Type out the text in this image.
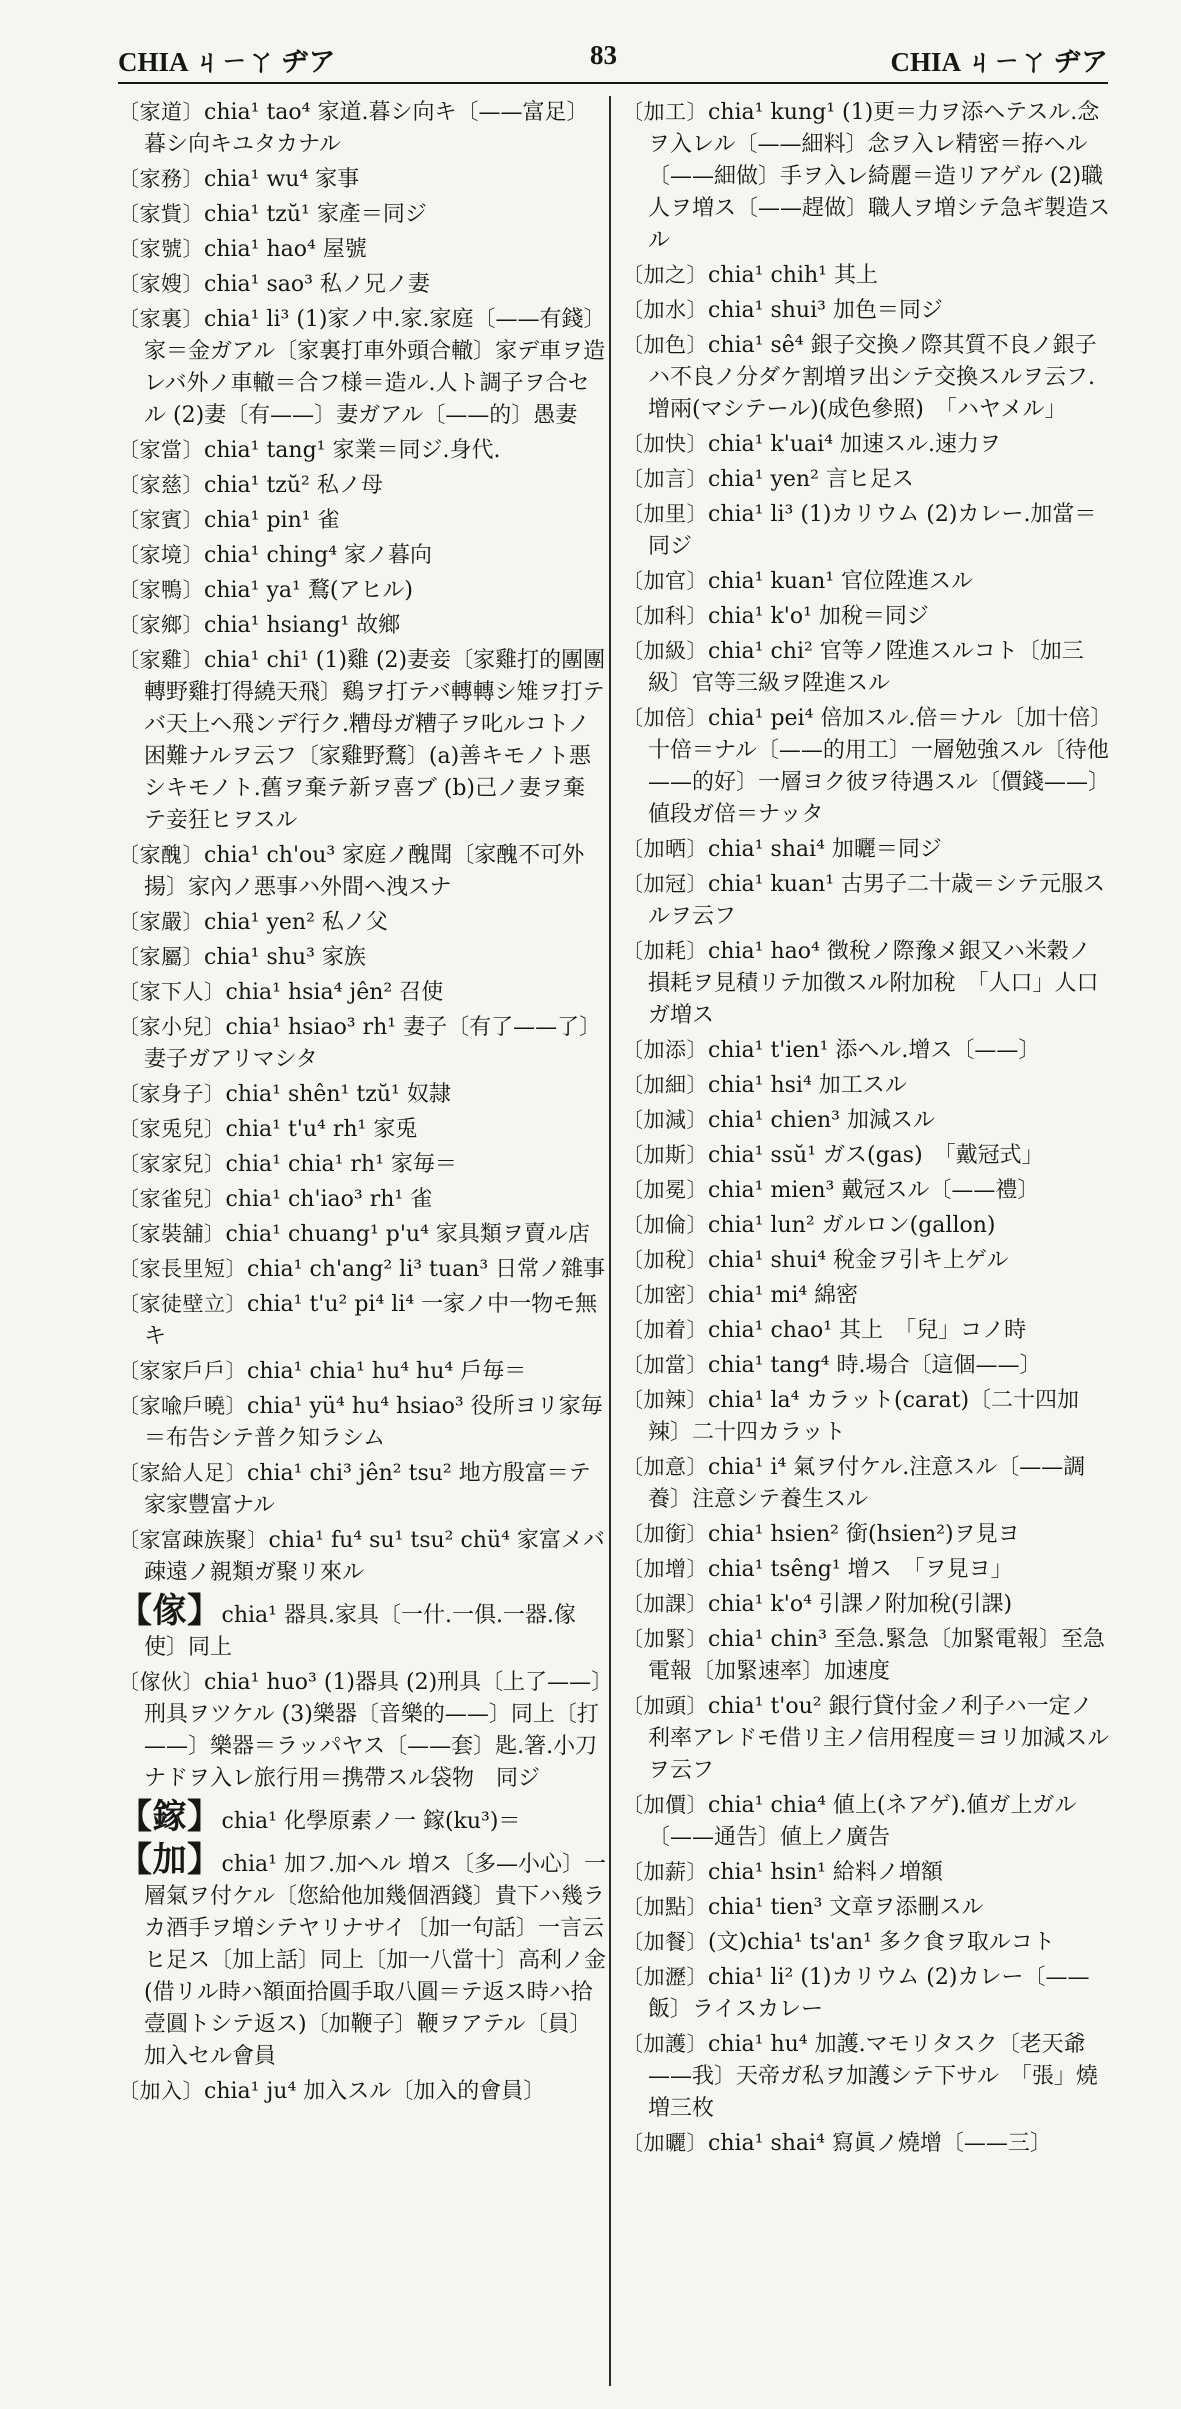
CHIA ㄐㄧㄚ ヂア	83	CHIA ㄐㄧㄚ ヂア
〔家道〕chia¹ tao⁴ 家道.暮シ向キ〔——富足〕暮シ向キユタカナル
〔家務〕chia¹ wu⁴ 家事
〔家貲〕chia¹ tzŭ¹ 家產＝同ジ
〔家號〕chia¹ hao⁴ 屋號
〔家嫂〕chia¹ sao³ 私ノ兄ノ妻
〔家裏〕chia¹ li³ (1)家ノ中.家.家庭〔——有錢〕家＝金ガアル〔家裏打車外頭合轍〕家デ車ヲ造レバ外ノ車轍＝合フ様＝造ル.人ト調子ヲ合セル (2)妻〔有——〕妻ガアル〔——的〕愚妻
〔家當〕chia¹ tang¹ 家業＝同ジ.身代.
〔家慈〕chia¹ tzŭ² 私ノ母
〔家賓〕chia¹ pin¹ 雀
〔家境〕chia¹ ching⁴ 家ノ暮向
〔家鴨〕chia¹ ya¹ 鶩(アヒル)
〔家鄉〕chia¹ hsiang¹ 故鄉
〔家雞〕chia¹ chi¹ (1)雞 (2)妻妾〔家雞打的團團轉野雞打得繞天飛〕鷄ヲ打テバ轉轉シ雉ヲ打テバ天上ヘ飛ンデ行ク.糟母ガ糟子ヲ叱ルコトノ困難ナルヲ云フ〔家雞野鶩〕(a)善キモノト悪シキモノト.舊ヲ棄テ新ヲ喜ブ (b)己ノ妻ヲ棄テ妾狂ヒヲスル
〔家醜〕chia¹ ch'ou³ 家庭ノ醜聞〔家醜不可外揚〕家內ノ悪事ハ外間ヘ洩スナ
〔家嚴〕chia¹ yen² 私ノ父
〔家屬〕chia¹ shu³ 家族
〔家下人〕chia¹ hsia⁴ jên² 召使
〔家小兒〕chia¹ hsiao³ rh¹ 妻子〔有了——了〕妻子ガアリマシタ
〔家身子〕chia¹ shên¹ tzŭ¹ 奴隷
〔家兎兒〕chia¹ t'u⁴ rh¹ 家兎
〔家家兒〕chia¹ chia¹ rh¹ 家毎＝
〔家雀兒〕chia¹ ch'iao³ rh¹ 雀
〔家裝舖〕chia¹ chuang¹ p'u⁴ 家具類ヲ賣ル店
〔家長里短〕chia¹ ch'ang² li³ tuan³ 日常ノ雜事
〔家徒壁立〕chia¹ t'u² pi⁴ li⁴ 一家ノ中一物モ無キ
〔家家戶戶〕chia¹ chia¹ hu⁴ hu⁴ 戶毎＝
〔家喩戶曉〕chia¹ yü⁴ hu⁴ hsiao³ 役所ヨリ家毎＝布告シテ普ク知ラシム
〔家給人足〕chia¹ chi³ jên² tsu² 地方殷富＝テ家家豐富ナル
〔家富疎族聚〕chia¹ fu⁴ su¹ tsu² chü⁴ 家富メバ疎遠ノ親類ガ聚リ來ル
【傢】chia¹ 器具.家具〔一什.一俱.一器.傢使〕同上
〔傢伙〕chia¹ huo³ (1)器具 (2)刑具〔上了——〕刑具ヲツケル (3)樂器〔音樂的——〕同上〔打——〕樂器＝ラッパヤス〔——套〕匙.箸.小刀ナドヲ入レ旅行用＝携帶スル袋物　同ジ
【鎵】chia¹ 化學原素ノ一 鎵(ku³)＝
【加】chia¹ 加フ.加ヘル 増ス〔多—小心〕一層氣ヲ付ケル〔您給他加幾個酒錢〕貴下ハ幾ラカ酒手ヲ増シテヤリナサイ〔加一句話〕一言云ヒ足ス〔加上話〕同上〔加一八當十〕高利ノ金(借リル時ハ額面拾圓手取八圓＝テ返ス時ハ拾壹圓トシテ返ス)〔加鞭子〕鞭ヲアテル〔員〕加入セル會員
〔加入〕chia¹ ju⁴ 加入スル〔加入的會員〕
〔加工〕chia¹ kung¹ (1)更＝力ヲ添ヘテスル.念ヲ入レル〔——細料〕念ヲ入レ精密＝拵ヘル〔——細做〕手ヲ入レ綺麗＝造リアゲル (2)職人ヲ増ス〔——趕做〕職人ヲ増シテ急ギ製造スル
〔加之〕chia¹ chih¹ 其上
〔加水〕chia¹ shui³ 加色＝同ジ
〔加色〕chia¹ sê⁴ 銀子交換ノ際其質不良ノ銀子ハ不良ノ分ダケ割増ヲ出シテ交換スルヲ云フ.增兩(マシテール)(成色參照)　「ハヤメル」
〔加快〕chia¹ k'uai⁴ 加速スル.速力ヲ
〔加言〕chia¹ yen² 言ヒ足ス
〔加里〕chia¹ li³ (1)カリウム (2)カレー.加當＝同ジ
〔加官〕chia¹ kuan¹ 官位陞進スル
〔加科〕chia¹ k'o¹ 加稅＝同ジ
〔加級〕chia¹ chi² 官等ノ陞進スルコト〔加三級〕官等三級ヲ陞進スル
〔加倍〕chia¹ pei⁴ 倍加スル.倍＝ナル〔加十倍〕十倍＝ナル〔——的用工〕一層勉強スル〔待他——的好〕一層ヨク彼ヲ待遇スル〔價錢——〕値段ガ倍＝ナッタ
〔加晒〕chia¹ shai⁴ 加曬＝同ジ
〔加冠〕chia¹ kuan¹ 古男子二十歳＝シテ元服スルヲ云フ
〔加耗〕chia¹ hao⁴ 徴稅ノ際豫メ銀又ハ米穀ノ損耗ヲ見積リテ加徴スル附加稅　「人口」人口ガ増ス
〔加添〕chia¹ t'ien¹ 添ヘル.增ス〔——〕
〔加細〕chia¹ hsi⁴ 加工スル
〔加減〕chia¹ chien³ 加減スル
〔加斯〕chia¹ ssŭ¹ ガス(gas)　「戴冠式」
〔加冕〕chia¹ mien³ 戴冠スル〔——禮〕
〔加倫〕chia¹ lun² ガルロン(gallon)
〔加稅〕chia¹ shui⁴ 稅金ヲ引キ上ゲル
〔加密〕chia¹ mi⁴ 綿密
〔加着〕chia¹ chao¹ 其上　「兒」コノ時
〔加當〕chia¹ tang⁴ 時.場合〔這個——〕
〔加辣〕chia¹ la⁴ カラット(carat)〔二十四加辣〕二十四カラット
〔加意〕chia¹ i⁴ 氣ヲ付ケル.注意スル〔——調養〕注意シテ養生スル
〔加銜〕chia¹ hsien² 銜(hsien²)ヲ見ヨ
〔加增〕chia¹ tsêng¹ 增ス　「ヲ見ヨ」
〔加課〕chia¹ k'o⁴ 引課ノ附加稅(引課)
〔加緊〕chia¹ chin³ 至急.緊急〔加緊電報〕至急電報〔加緊速率〕加速度
〔加頭〕chia¹ t'ou² 銀行貸付金ノ利子ハ一定ノ利率アレドモ借リ主ノ信用程度＝ヨリ加減スルヲ云フ
〔加價〕chia¹ chia⁴ 値上(ネアゲ).値ガ上ガル〔——通告〕値上ノ廣告
〔加薪〕chia¹ hsin¹ 給料ノ増額
〔加點〕chia¹ tien³ 文章ヲ添刪スル
〔加餐〕(文)chia¹ ts'an¹ 多ク食ヲ取ルコト
〔加瀝〕chia¹ li² (1)カリウム (2)カレー〔——飯〕ライスカレー
〔加護〕chia¹ hu⁴ 加護.マモリタスク〔老天爺——我〕天帝ガ私ヲ加護シテ下サル　「張」燒増三枚
〔加曬〕chia¹ shai⁴ 寫眞ノ燒增〔——三〕
